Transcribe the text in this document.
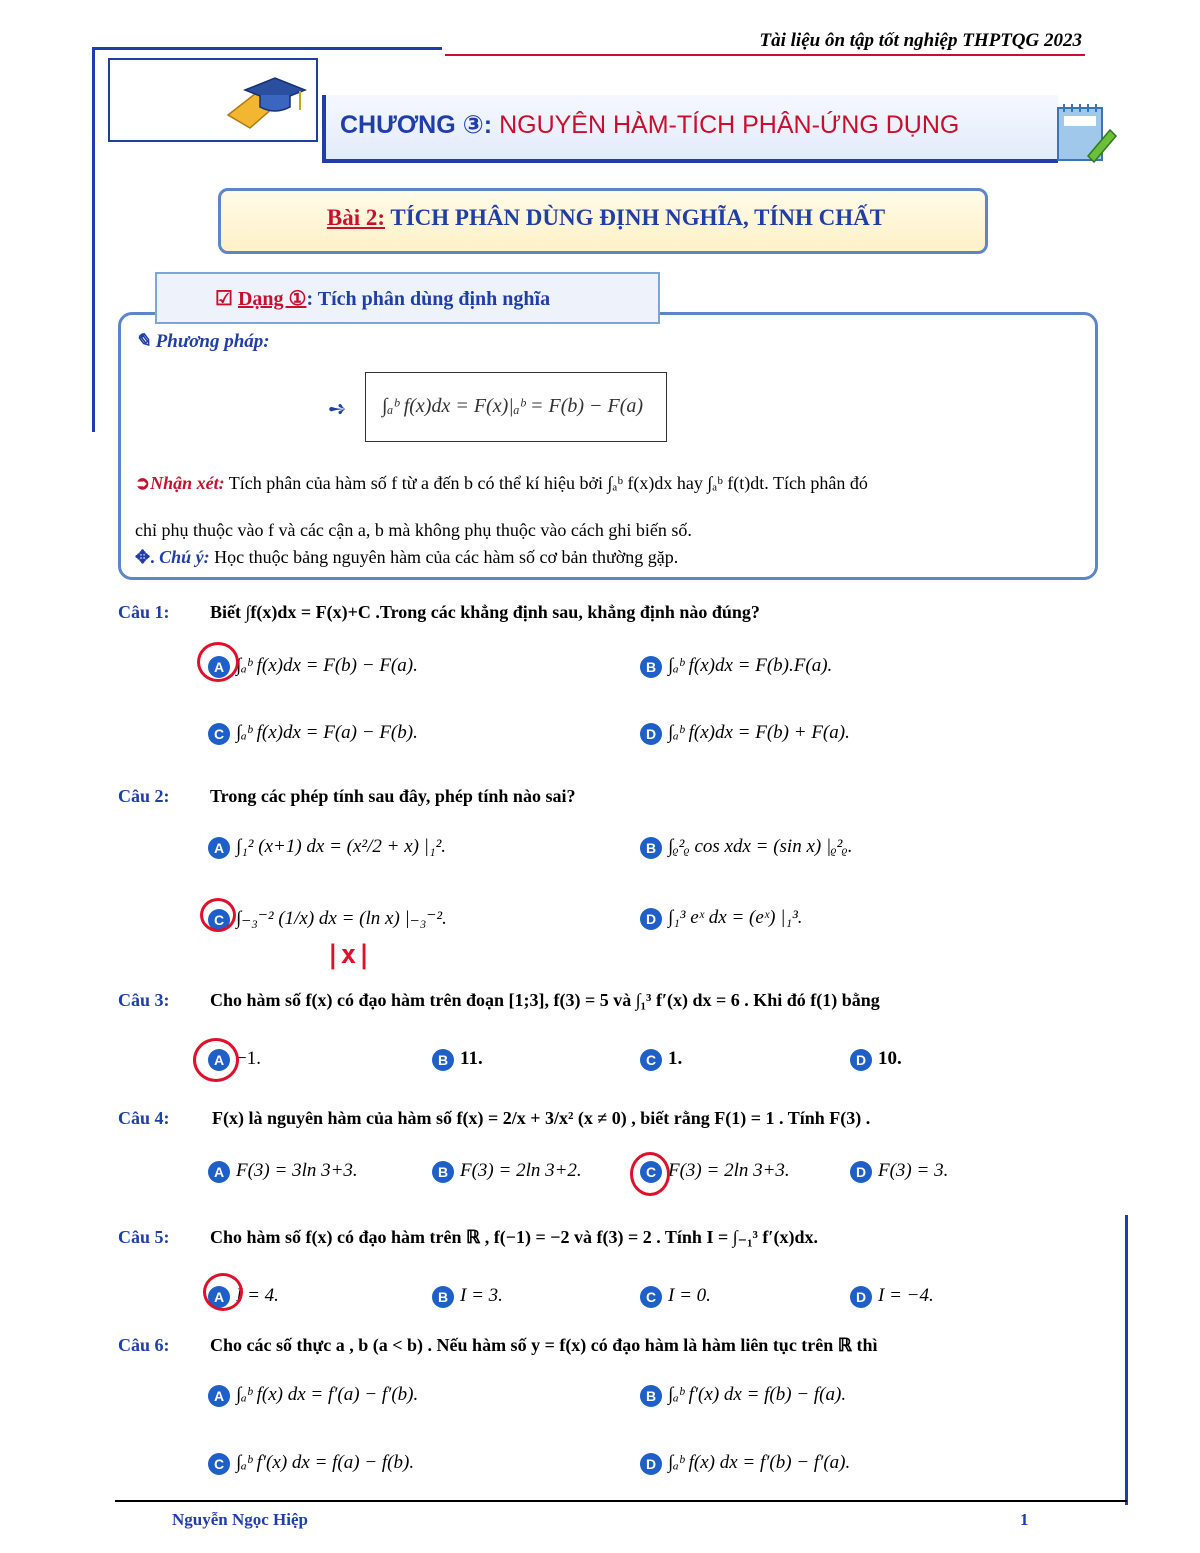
Tài liệu ôn tập tốt nghiệp THPTQG 2023
CHƯƠNG ③: NGUYÊN HÀM-TÍCH PHÂN-ỨNG DỤNG
Bài 2: TÍCH PHÂN DÙNG ĐỊNH NGHĨA, TÍNH CHẤT
☑ Dạng ①: Tích phân dùng định nghĩa
✎ Phương pháp:
➺ ∫ₐᵇ f(x)dx = F(x)|ₐᵇ = F(b) − F(a)
➲Nhận xét: Tích phân của hàm số f từ a đến b có thể kí hiệu bởi ∫ₐᵇ f(x)dx hay ∫ₐᵇ f(t)dt. Tích phân đó
chỉ phụ thuộc vào f và các cận a, b mà không phụ thuộc vào cách ghi biến số.
✥. Chú ý: Học thuộc bảng nguyên hàm của các hàm số cơ bản thường gặp.
Câu 1: Biết ∫f(x)dx = F(x)+C .Trong các khẳng định sau, khẳng định nào đúng?
A ∫ₐᵇ f(x)dx = F(b) − F(a).	B ∫ₐᵇ f(x)dx = F(b).F(a).
C ∫ₐᵇ f(x)dx = F(a) − F(b).	D ∫ₐᵇ f(x)dx = F(b) + F(a).
Câu 2: Trong các phép tính sau đây, phép tính nào sai?
A ∫₁² (x+1) dx = (x²/2 + x) |₁².	B ∫ᵨ²ᵨ cos xdx = (sin x) |ᵨ²ᵨ.
C ∫₋₃⁻² (1/x) dx = (ln x) |₋₃⁻².	D ∫₁³ eˣ dx = (eˣ) |₁³.
|x|
Câu 3: Cho hàm số f(x) có đạo hàm trên đoạn [1;3], f(3) = 5 và ∫₁³ f′(x) dx = 6 . Khi đó f(1) bằng
A −1.	B 11.	C 1.	D 10.
Câu 4: F(x) là nguyên hàm của hàm số f(x) = 2/x + 3/x² (x ≠ 0) , biết rằng F(1) = 1 . Tính F(3) .
A F(3) = 3ln 3+3.	B F(3) = 2ln 3+2.	C F(3) = 2ln 3+3.	D F(3) = 3.
Câu 5: Cho hàm số f(x) có đạo hàm trên ℝ , f(−1) = −2 và f(3) = 2 . Tính I = ∫₋₁³ f′(x)dx.
A I = 4.	B I = 3.	C I = 0.	D I = −4.
Câu 6: Cho các số thực a , b (a < b) . Nếu hàm số y = f(x) có đạo hàm là hàm liên tục trên ℝ thì
A ∫ₐᵇ f(x) dx = f′(a) − f′(b).	B ∫ₐᵇ f′(x) dx = f(b) − f(a).
C ∫ₐᵇ f′(x) dx = f(a) − f(b).	D ∫ₐᵇ f(x) dx = f′(b) − f′(a).
Nguyễn Ngọc Hiệp	1
